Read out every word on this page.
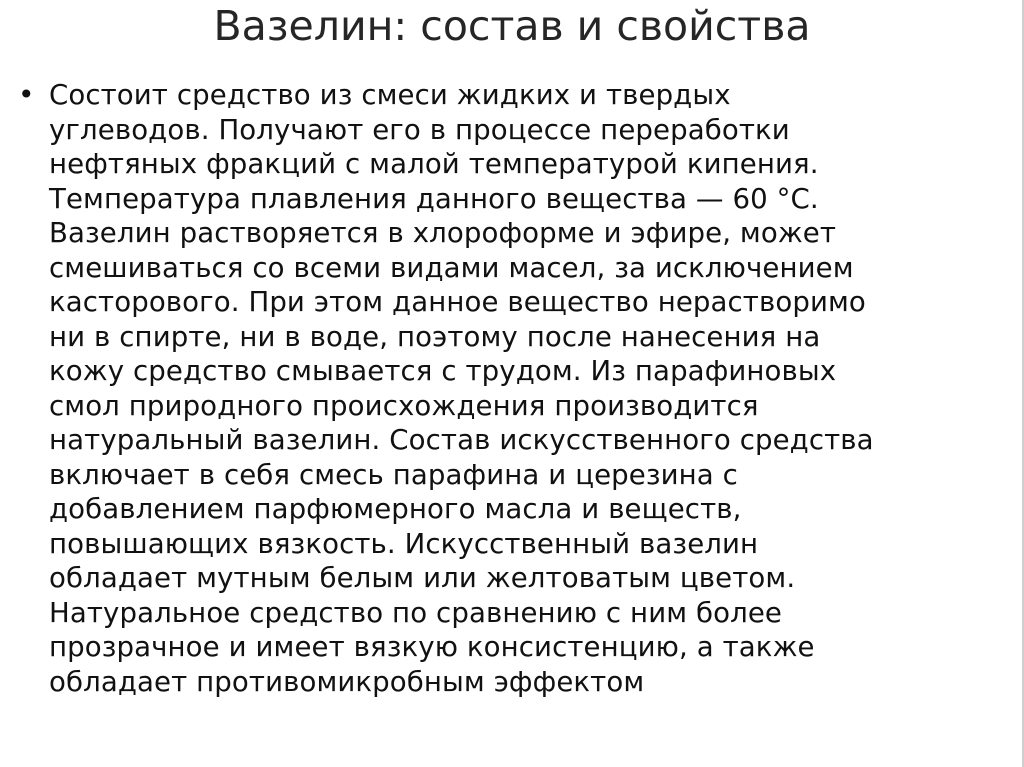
Вазелин: состав и свойства
• Состоит средство из смеси жидких и твердых
углеводов. Получают его в процессе переработки
нефтяных фракций с малой температурой кипения.
Температура плавления данного вещества — 60 °С.
Вазелин растворяется в хлороформе и эфире, может
смешиваться со всеми видами масел, за исключением
касторового. При этом данное вещество нерастворимо
ни в спирте, ни в воде, поэтому после нанесения на
кожу средство смывается с трудом. Из парафиновых
смол природного происхождения производится
натуральный вазелин. Состав искусственного средства
включает в себя смесь парафина и церезина с
добавлением парфюмерного масла и веществ,
повышающих вязкость. Искусственный вазелин
обладает мутным белым или желтоватым цветом.
Натуральное средство по сравнению с ним более
прозрачное и имеет вязкую консистенцию, а также
обладает противомикробным эффектом
